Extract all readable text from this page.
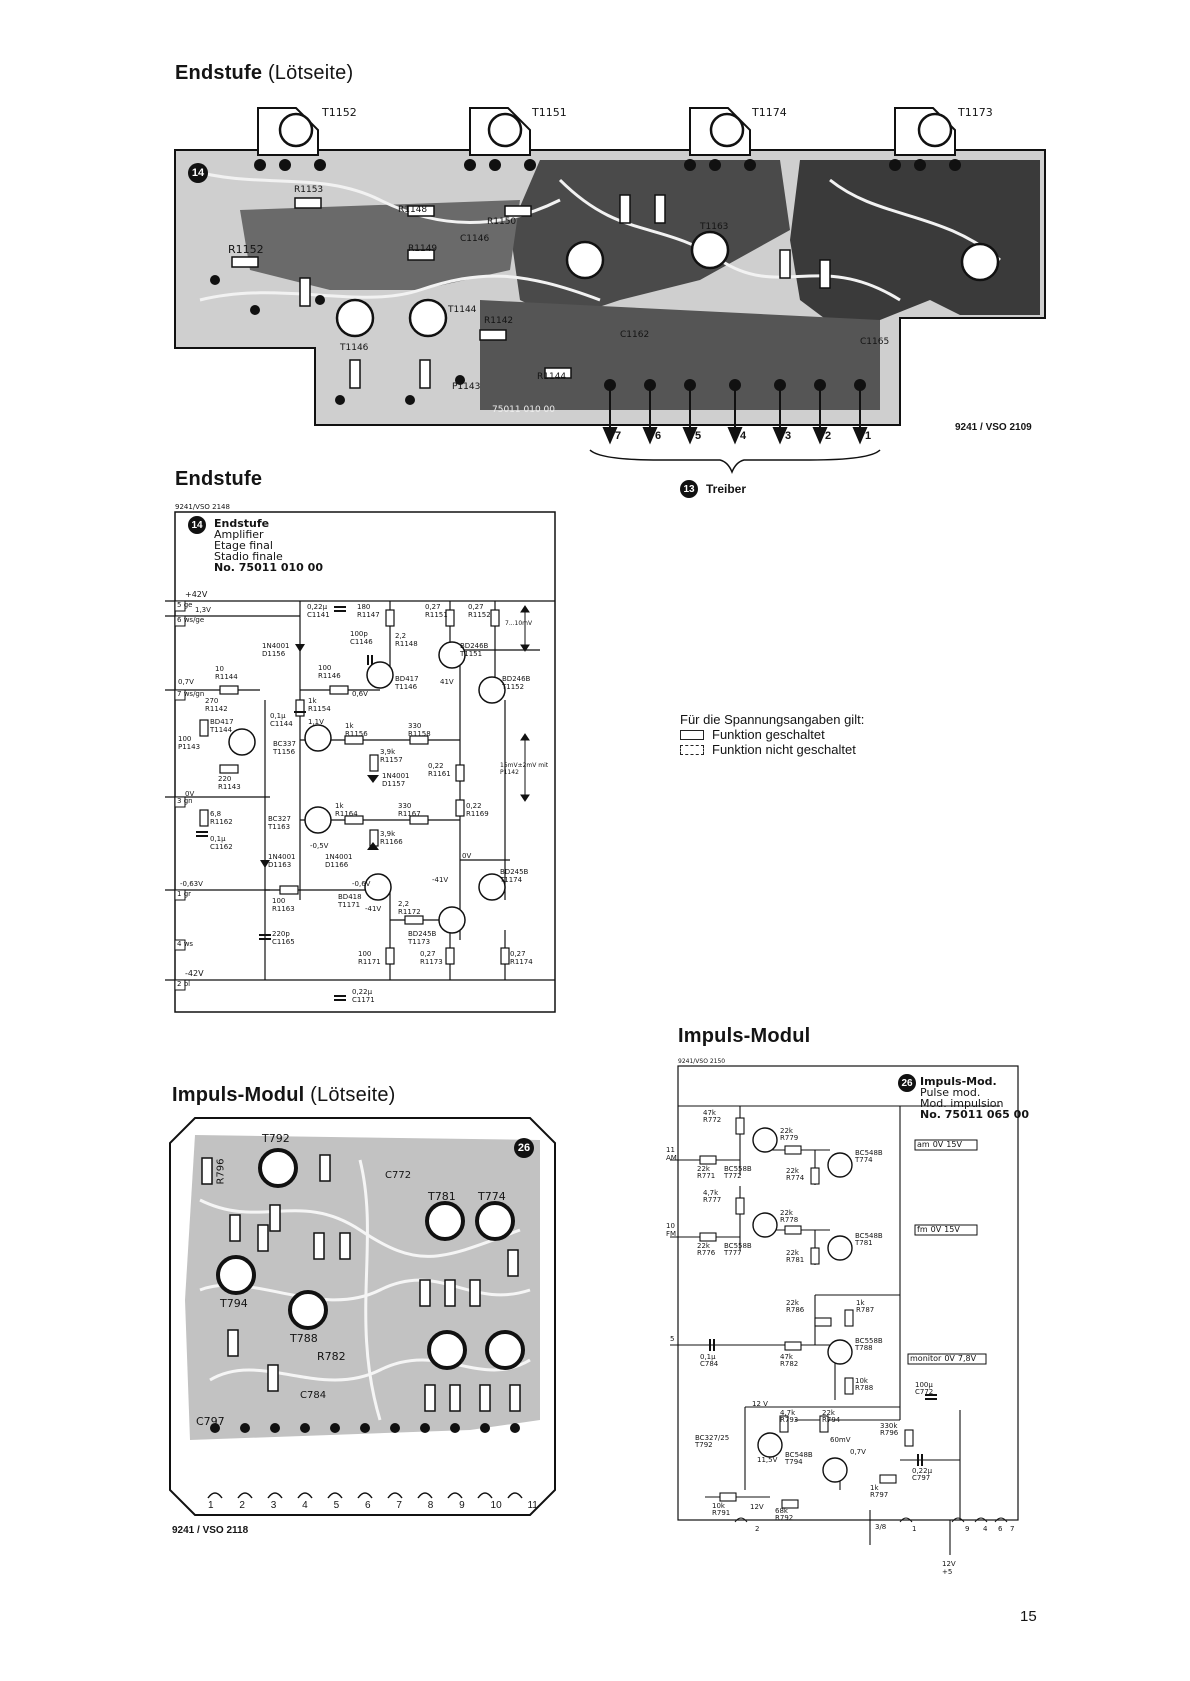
Endstufe (Lötseite)
14
T1152	T1151	T1174	T1173
R1152
R1153
R1148
R1150
C1146
R1149
T1146
T1144
R1142
R1144
P1143
T1163
C1162
C1165
75011 010 00
9241 / VSO 2109
7	6	5	4	3	2	1
13 Treiber
Endstufe
9241/VSO 2148
14	Endstufe
Amplifier
Etage final
Stadio finale
No. 75011 010 00
+42V
-42V
5 ge
6 ws/ge
7 ws/gn
3 gn
1 gr
4 ws
2 bl
1,3V
0,7V
0V
-0,5V
-0,63V
41V
0,6V
1,1V
-0,6V
-41V
0V
-41V
0,22µ
C1141
180
R1147
0,27
R1151
0,27
R1152
100p
C1146
2,2
R1148	BD246B
T1151
1N4001
D1156
10
R1144
100
R1146	BD417
T1146
BD246B
T1152
270
R1142
BD417
T1144
1k
R1154
0,1µ
C1144	1k
R1156
330
R1158
100
P1143	BC337
T1156	3,9k
R1157
1N4001
D1157
0,22
R1161
220
R1143
15mV±2mV mit P1142
7...10mV
6,8
R1162
0,1µ
C1162
BC327
T1163
1k
R1164
330
R1167
0,22
R1169
3,9k
R1166
1N4001
D1163
1N4001
D1166
100
R1163
BD418
T1171	2,2
R1172
BD245B
T1174
BD245B
T1173
220p
C1165
100
R1171
0,27
R1173
0,27
R1174
0,22µ
C1171
Für die Spannungsangaben gilt:
Funktion geschaltet
Funktion nicht geschaltet
Impuls-Modul (Lötseite)
26
T792
T794
T788
T781 T774
R796
R782
C797
C784
C772
1	2	3	4	5	6	7	8	9	10	11
9241 / VSO 2118
Impuls-Modul
9241/VSO 2150
26 Impuls-Mod.
Pulse mod.
Mod. impulsion
No. 75011 065 00
am 0V 15V
fm 0V 15V
monitor 0V 7,8V
11
AM
10
FM
5
47k
R772
22k
R771
BC558B
T772
22k
R779
22k
R774
BC548B
T774
4,7k
R777
22k
R776
BC558B
T777
22k
R778
22k
R781
BC548B
T781
22k
R786
1k
R787
BC558B
T788
0,1µ
C784
47k
R782
10k
R788	100µ
C772
BC327/25
T792
4,7k
R793
22k
R794
BC548B
T794
330k
R796
0,22µ
C797
1k
R797
10k
R791	68k
R792
12 V
60mV
0,7V
11,5V
12V
2	3/8	1	9 4 6 7
12V
+5
15
